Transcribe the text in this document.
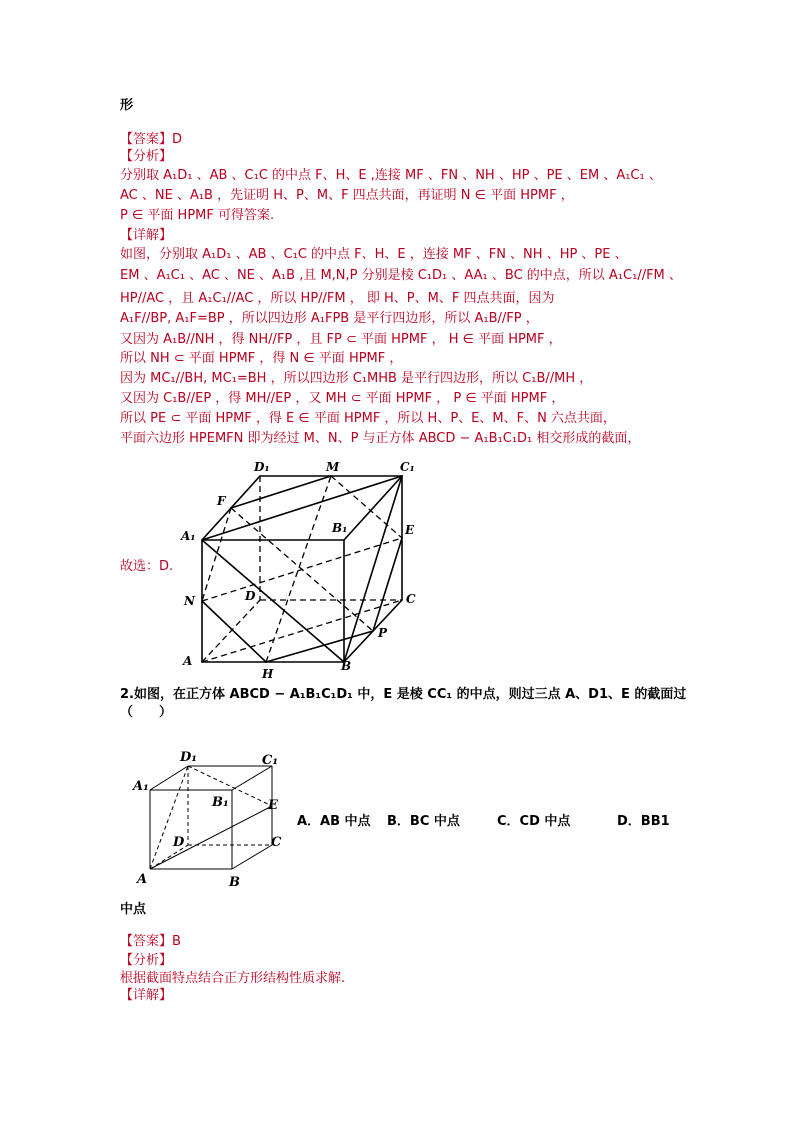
形
【答案】D
【分析】
分别取 A₁D₁ 、AB 、C₁C 的中点 F、H、E ,连接 MF 、FN 、NH 、HP 、PE 、EM 、A₁C₁ 、
AC 、NE 、A₁B ，先证明 H、P、M、F 四点共面，再证明 N ∈ 平面 HPMF ，
P ∈ 平面 HPMF 可得答案.
【详解】
如图，分别取 A₁D₁ 、AB 、C₁C 的中点 F、H、E ，连接 MF 、FN 、NH 、HP 、PE 、
EM 、A₁C₁ 、AC 、NE 、A₁B ,且 M,N,P 分别是棱 C₁D₁ 、AA₁ 、BC 的中点，所以 A₁C₁//FM 、
HP//AC ，且 A₁C₁//AC ，所以 HP//FM ， 即 H、P、M、F 四点共面，因为
A₁F//BP, A₁F=BP ，所以四边形 A₁FPB 是平行四边形，所以 A₁B//FP ，
又因为 A₁B//NH ，得 NH//FP ，且 FP ⊂ 平面 HPMF ， H ∈ 平面 HPMF ，
所以 NH ⊂ 平面 HPMF ，得 N ∈ 平面 HPMF ，
因为 MC₁//BH, MC₁=BH ，所以四边形 C₁MHB 是平行四边形，所以 C₁B//MH ，
又因为 C₁B//EP ，得 MH//EP ，又 MH ⊂ 平面 HPMF ， P ∈ 平面 HPMF ，
所以 PE ⊂ 平面 HPMF ，得 E ∈ 平面 HPMF ，所以 H、P、E、M、F、N 六点共面，
平面六边形 HPEMFN 即为经过 M、N、P 与正方体 ABCD − A₁B₁C₁D₁ 相交形成的截面，
故选：D.
D₁	M	C₁
F
B₁
A₁	E
D	C
N
P
A
H
B
2.如图，在正方体 ABCD − A₁B₁C₁D₁ 中，E 是棱 CC₁ 的中点，则过三点 A、D1、E 的截面过
（　　）
D₁	C₁
A₁
B₁	E
D	C
A	B
A．AB 中点 B．BC 中点	C．CD 中点	D．BB1
中点
【答案】B
【分析】
根据截面特点结合正方形结构性质求解.
【详解】
